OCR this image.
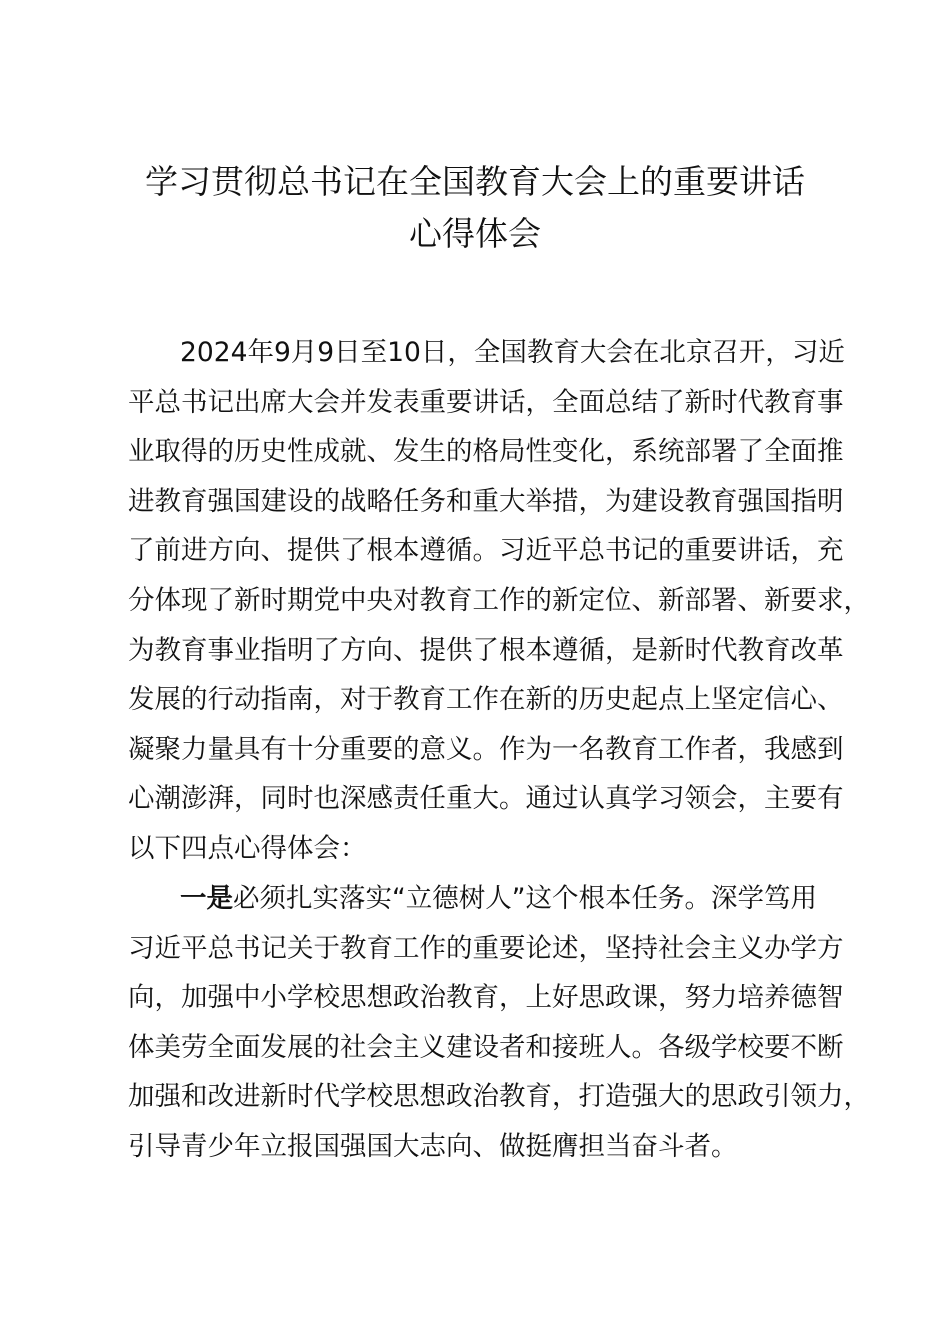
学习贯彻总书记在全国教育大会上的重要讲话
心得体会
2024年9月9日至10日，全国教育大会在北京召开，习近
平总书记出席大会并发表重要讲话，全面总结了新时代教育事
业取得的历史性成就、发生的格局性变化，系统部署了全面推
进教育强国建设的战略任务和重大举措，为建设教育强国指明
了前进方向、提供了根本遵循。习近平总书记的重要讲话，充
分体现了新时期党中央对教育工作的新定位、新部署、新要求，
为教育事业指明了方向、提供了根本遵循，是新时代教育改革
发展的行动指南，对于教育工作在新的历史起点上坚定信心、
凝聚力量具有十分重要的意义。作为一名教育工作者，我感到
心潮澎湃，同时也深感责任重大。通过认真学习领会，主要有
以下四点心得体会：
一是必须扎实落实“立德树人”这个根本任务。深学笃用
习近平总书记关于教育工作的重要论述，坚持社会主义办学方
向，加强中小学校思想政治教育，上好思政课，努力培养德智
体美劳全面发展的社会主义建设者和接班人。各级学校要不断
加强和改进新时代学校思想政治教育，打造强大的思政引领力，
引导青少年立报国强国大志向、做挺膺担当奋斗者。
